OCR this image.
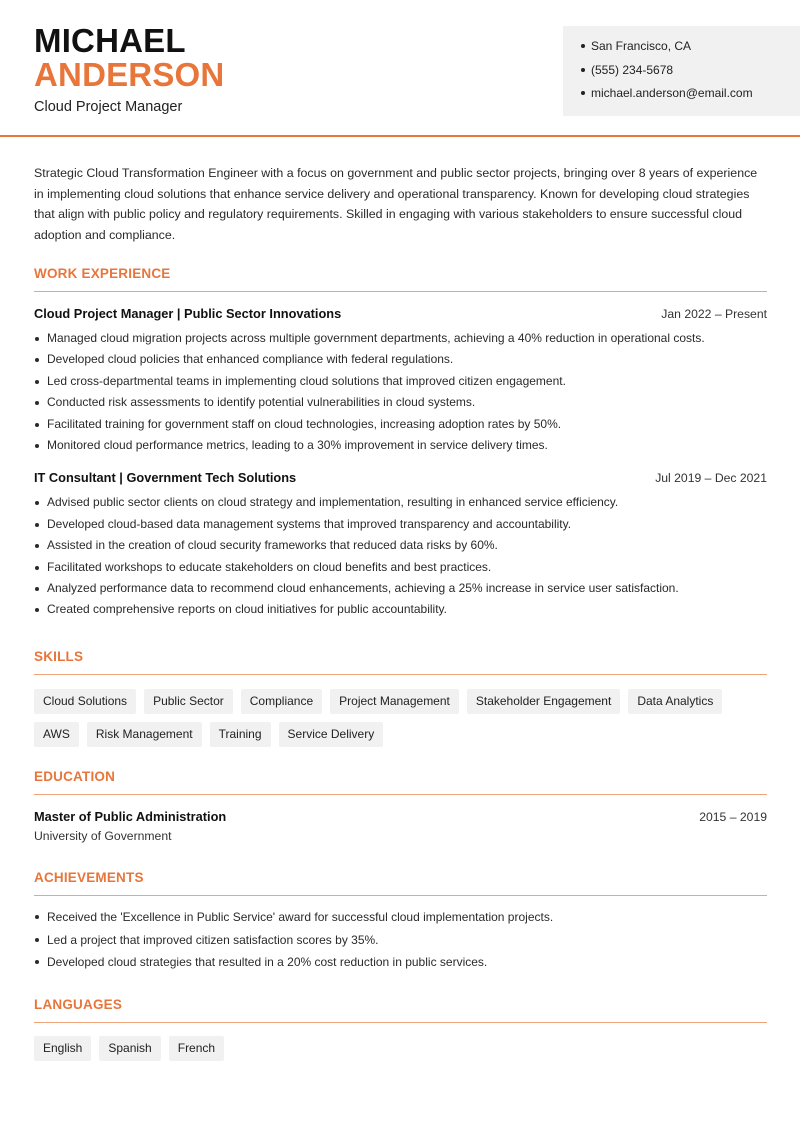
MICHAEL
ANDERSON
Cloud Project Manager
San Francisco, CA
(555) 234-5678
michael.anderson@email.com

Strategic Cloud Transformation Engineer with a focus on government and public sector projects, bringing over 8 years of experience in implementing cloud solutions that enhance service delivery and operational transparency. Known for developing cloud strategies that align with public policy and regulatory requirements. Skilled in engaging with various stakeholders to ensure successful cloud adoption and compliance.

WORK EXPERIENCE
Cloud Project Manager | Public Sector Innovations	Jan 2022 – Present
Managed cloud migration projects across multiple government departments, achieving a 40% reduction in operational costs.
Developed cloud policies that enhanced compliance with federal regulations.
Led cross-departmental teams in implementing cloud solutions that improved citizen engagement.
Conducted risk assessments to identify potential vulnerabilities in cloud systems.
Facilitated training for government staff on cloud technologies, increasing adoption rates by 50%.
Monitored cloud performance metrics, leading to a 30% improvement in service delivery times.
IT Consultant | Government Tech Solutions	Jul 2019 – Dec 2021
Advised public sector clients on cloud strategy and implementation, resulting in enhanced service efficiency.
Developed cloud-based data management systems that improved transparency and accountability.
Assisted in the creation of cloud security frameworks that reduced data risks by 60%.
Facilitated workshops to educate stakeholders on cloud benefits and best practices.
Analyzed performance data to recommend cloud enhancements, achieving a 25% increase in service user satisfaction.
Created comprehensive reports on cloud initiatives for public accountability.
SKILLS
Cloud Solutions	Public Sector	Compliance	Project Management	Stakeholder Engagement	Data Analytics
AWS	Risk Management	Training	Service Delivery
EDUCATION
Master of Public Administration	2015 – 2019
University of Government
ACHIEVEMENTS
Received the 'Excellence in Public Service' award for successful cloud implementation projects.
Led a project that improved citizen satisfaction scores by 35%.
Developed cloud strategies that resulted in a 20% cost reduction in public services.
LANGUAGES
English	Spanish	French
